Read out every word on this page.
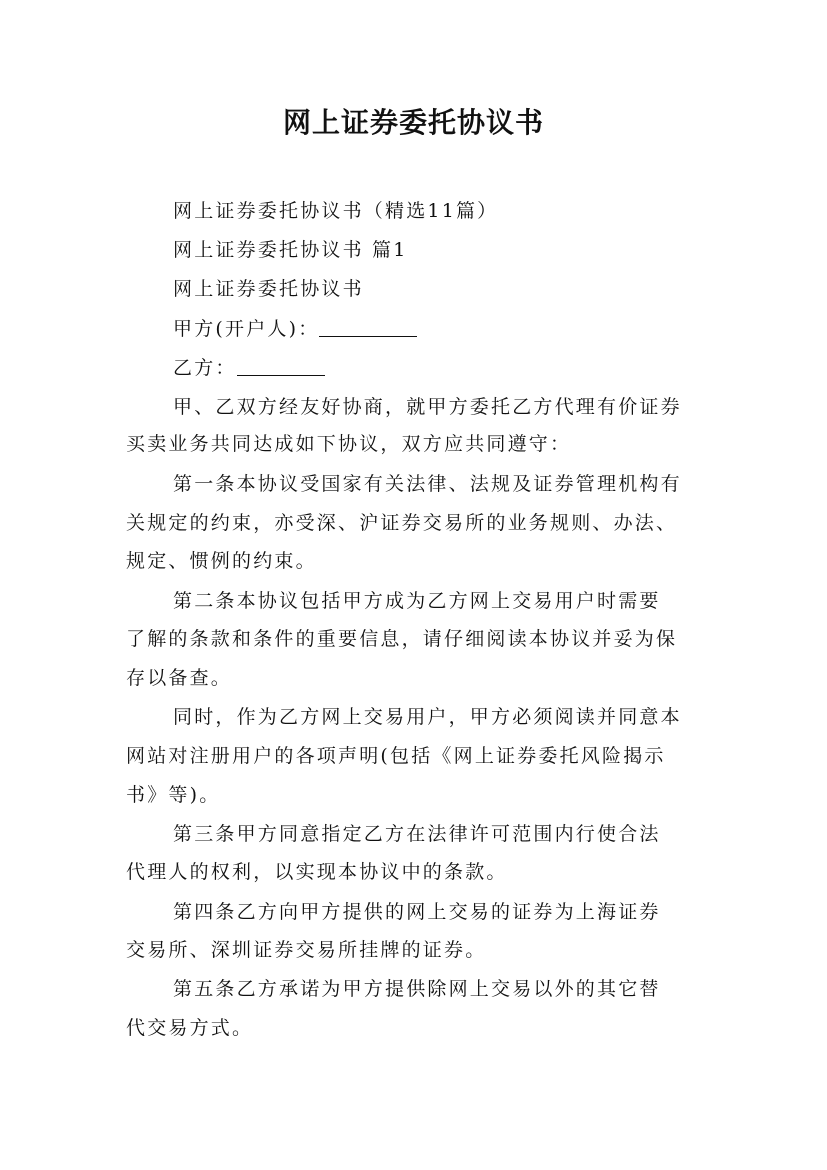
网上证券委托协议书
网上证券委托协议书（精选11篇）
网上证券委托协议书 篇1
网上证券委托协议书
甲方(开户人)：
乙方：
甲、乙双方经友好协商，就甲方委托乙方代理有价证券
买卖业务共同达成如下协议，双方应共同遵守：
第一条本协议受国家有关法律、法规及证券管理机构有
关规定的约束，亦受深、沪证券交易所的业务规则、办法、
规定、惯例的约束。
第二条本协议包括甲方成为乙方网上交易用户时需要
了解的条款和条件的重要信息，请仔细阅读本协议并妥为保
存以备查。
同时，作为乙方网上交易用户，甲方必须阅读并同意本
网站对注册用户的各项声明(包括《网上证券委托风险揭示
书》等)。
第三条甲方同意指定乙方在法律许可范围内行使合法
代理人的权利，以实现本协议中的条款。
第四条乙方向甲方提供的网上交易的证券为上海证券
交易所、深圳证券交易所挂牌的证券。
第五条乙方承诺为甲方提供除网上交易以外的其它替
代交易方式。
